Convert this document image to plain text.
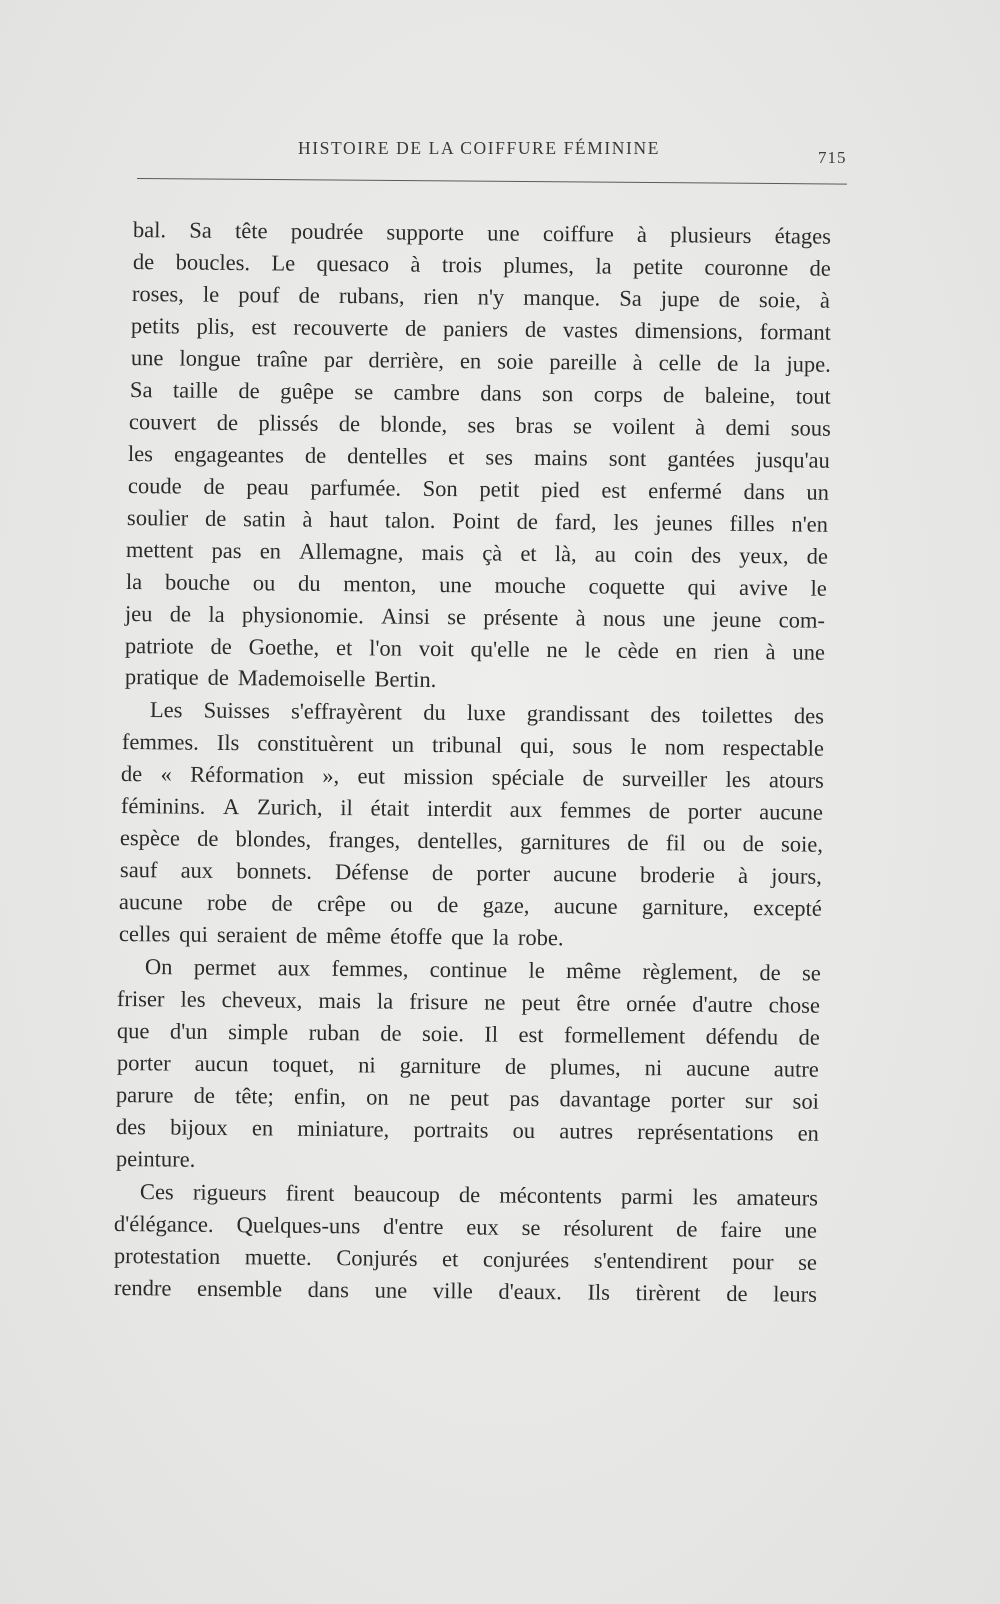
HISTOIRE DE LA COIFFURE FÉMININE	715
bal. Sa tête poudrée supporte une coiffure à plusieurs étages
de boucles. Le quesaco à trois plumes, la petite couronne de
roses, le pouf de rubans, rien n'y manque. Sa jupe de soie, à
petits plis, est recouverte de paniers de vastes dimensions, formant
une longue traîne par derrière, en soie pareille à celle de la jupe.
Sa taille de guêpe se cambre dans son corps de baleine, tout
couvert de plissés de blonde, ses bras se voilent à demi sous
les engageantes de dentelles et ses mains sont gantées jusqu'au
coude de peau parfumée. Son petit pied est enfermé dans un
soulier de satin à haut talon. Point de fard, les jeunes filles n'en
mettent pas en Allemagne, mais çà et là, au coin des yeux, de
la bouche ou du menton, une mouche coquette qui avive le
jeu de la physionomie. Ainsi se présente à nous une jeune com-
patriote de Goethe, et l'on voit qu'elle ne le cède en rien à une
pratique de Mademoiselle Bertin.
Les Suisses s'effrayèrent du luxe grandissant des toilettes des
femmes. Ils constituèrent un tribunal qui, sous le nom respectable
de « Réformation », eut mission spéciale de surveiller les atours
féminins. A Zurich, il était interdit aux femmes de porter aucune
espèce de blondes, franges, dentelles, garnitures de fil ou de soie,
sauf aux bonnets. Défense de porter aucune broderie à jours,
aucune robe de crêpe ou de gaze, aucune garniture, excepté
celles qui seraient de même étoffe que la robe.
On permet aux femmes, continue le même règlement, de se
friser les cheveux, mais la frisure ne peut être ornée d'autre chose
que d'un simple ruban de soie. Il est formellement défendu de
porter aucun toquet, ni garniture de plumes, ni aucune autre
parure de tête; enfin, on ne peut pas davantage porter sur soi
des bijoux en miniature, portraits ou autres représentations en
peinture.
Ces rigueurs firent beaucoup de mécontents parmi les amateurs
d'élégance. Quelques-uns d'entre eux se résolurent de faire une
protestation muette. Conjurés et conjurées s'entendirent pour se
rendre ensemble dans une ville d'eaux. Ils tirèrent de leurs
